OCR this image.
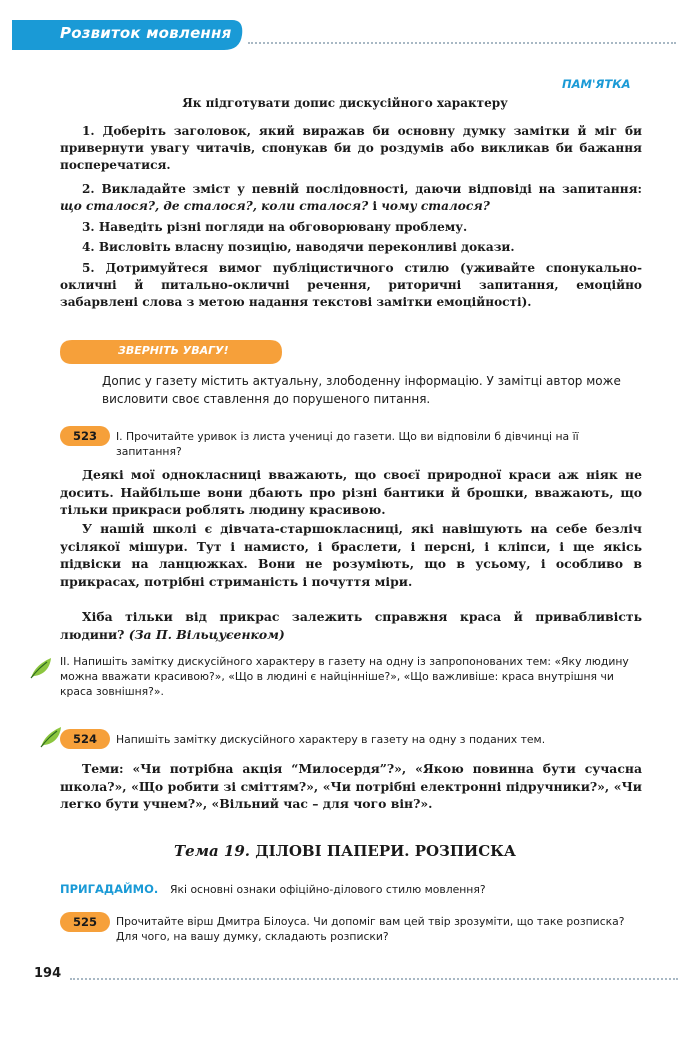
Розвиток мовлення
ПАМ'ЯТКА
Як підготувати допис дискусійного характеру

1. Доберіть заголовок, який виражав би основну думку замітки й міг би привернути увагу читачів, спонукав би до роздумів або викликав би бажання посперечатися.

2. Викладайте зміст у певній послідовності, даючи відповіді на запитання: що сталося?, де сталося?, коли сталося? і чому сталося?

3. Наведіть різні погляди на обговорювану проблему.

4. Висловіть власну позицію, наводячи переконливі докази.

5. Дотримуйтеся вимог публіцистичного стилю (уживайте спонукально-окличні й питально-окличні речення, риторичні запитання, емоційно забарвлені слова з метою надання текстові замітки емоційності).

ЗВЕРНІТЬ УВАГУ!

Допис у газету містить актуальну, злободенну інформацію. У замітці автор може висловити своє ставлення до порушеного питання.

523	І. Прочитайте уривок із листа учениці до газети. Що ви відповіли б дівчинці на її запитання?

Деякі мої однокласниці вважають, що своєї природної краси аж ніяк не досить. Найбільше вони дбають про різні бантики й брошки, вважають, що тільки прикраси роблять людину красивою.

У нашій школі є дівчата-старшокласниці, які навішують на себе безліч усілякої мішури. Тут і намисто, і браслети, і персні, і кліпси, і ще якісь підвіски на ланцюжках. Вони не розуміють, що в усьому, і особливо в прикрасах, потрібні стриманість і почуття міри.

Хіба тільки від прикрас залежить справжня краса й привабливість людини? (За П. Вільцуєенком)

ІІ. Напишіть замітку дискусійного характеру в газету на одну із запропонованих тем: «Яку людину можна вважати красивою?», «Що в людині є найцінніше?», «Що важливіше: краса внутрішня чи краса зовнішня?».

524	Напишіть замітку дискусійного характеру в газету на одну з поданих тем.

Теми: «Чи потрібна акція “Милосердя”?», «Якою повинна бути сучасна школа?», «Що робити зі сміттям?», «Чи потрібні електронні підручники?», «Чи легко бути учнем?», «Вільний час – для чого він?».

Тема 19. ДІЛОВІ ПАПЕРИ. РОЗПИСКА
ПРИГАДАЙМО. Які основні ознаки офіційно-ділового стилю мовлення?
525	Прочитайте вірш Дмитра Білоуса. Чи допоміг вам цей твір зрозуміти, що таке розписка? Для чого, на вашу думку, складають розписки?

194
